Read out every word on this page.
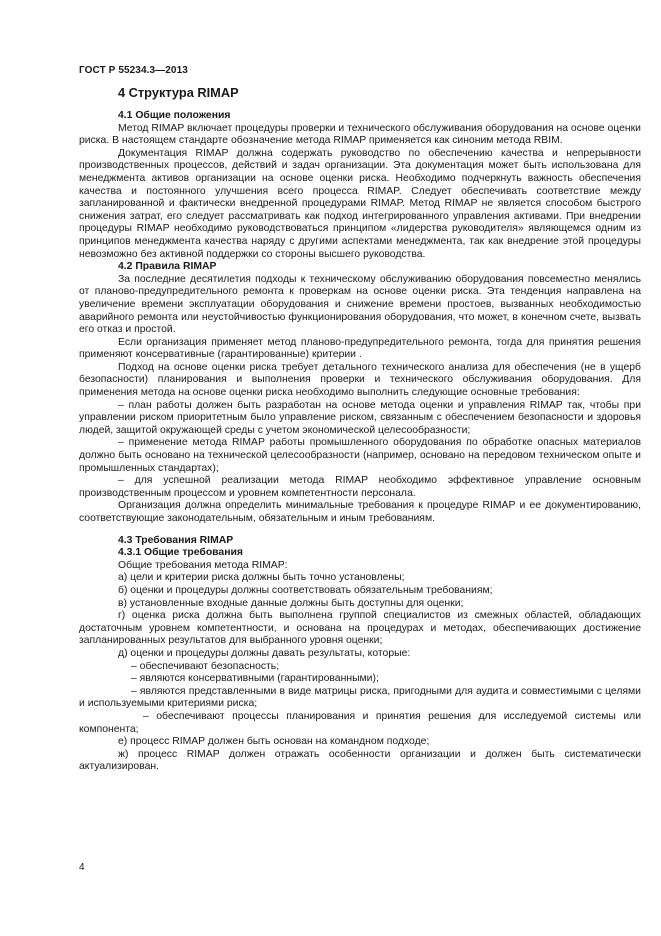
ГОСТ Р 55234.3—2013
4 Структура RIMAP
4.1 Общие положения

Метод RIMAP включает процедуры проверки и технического обслуживания оборудования на основе оценки риска. В настоящем стандарте обозначение метода RIMAP применяется как синоним метода RBIM.

Документация RIMAP должна содержать руководство по обеспечению качества и непрерывности производственных процессов, действий и задач организации. Эта документация может быть использована для менеджмента активов организации на основе оценки риска. Необходимо подчеркнуть важность обеспечения качества и постоянного улучшения всего процесса RIMAP. Следует обеспечивать соответствие между запланированной и фактически внедренной процедурами RIMAP. Метод RIMAP не является способом быстрого снижения затрат, его следует рассматривать как подход интегрированного управления активами. При внедрении процедуры RIMAP необходимо руководствоваться принципом «лидерства руководителя» являющемся одним из принципов менеджмента качества наряду с другими аспектами менеджмента, так как внедрение этой процедуры невозможно без активной поддержки со стороны высшего руководства.

4.2 Правила RIMAP

За последние десятилетия подходы к техническому обслуживанию оборудования повсеместно менялись от планово-предупредительного ремонта к проверкам на основе оценки риска. Эта тенденция направлена на увеличение времени эксплуатации оборудования и снижение времени простоев, вызванных необходимостью аварийного ремонта или неустойчивостью функционирования оборудования, что может, в конечном счете, вызвать его отказ и простой.

Если организация применяет метод планово-предупредительного ремонта, тогда для принятия решения применяют консервативные (гарантированные) критерии .

Подход на основе оценки риска требует детального технического анализа для обеспечения (не в ущерб безопасности) планирования и выполнения проверки и технического обслуживания оборудования. Для применения метода на основе оценки риска необходимо выполнить следующие основные требования:

– план работы должен быть разработан на основе метода оценки и управления RIMAP так, чтобы при управлении риском приоритетным было управление риском, связанным с обеспечением безопасности и здоровья людей, защитой окружающей среды с учетом экономической целесообразности;

– применение метода RIMAP работы промышленного оборудования по обработке опасных материалов должно быть основано на технической целесообразности (например, основано на передовом техническом опыте и промышленных стандартах);

– для успешной реализации метода RIMAP необходимо эффективное управление основным производственным процессом и уровнем компетентности персонала.

Организация должна определить минимальные требования к процедуре RIMAP и ее документированию, соответствующие законодательным, обязательным и иным требованиям.

4.3 Требования RIMAP
4.3.1 Общие требования

Общие требования метода RIMAP:

а) цели и критерии риска должны быть точно установлены;

б) оценки и процедуры должны соответствовать обязательным требованиям;

в) установленные входные данные должны быть доступны для оценки;

г) оценка риска должна быть выполнена группой специалистов из смежных областей, обладающих достаточным уровнем компетентности, и основана на процедурах и методах, обеспечивающих достижение запланированных результатов для выбранного уровня оценки;

д) оценки и процедуры должны давать результаты, которые:

– обеспечивают безопасность;

– являются консервативными (гарантированными);

– являются представленными в виде матрицы риска, пригодными для аудита и совместимыми с целями и используемыми критериями риска;

– обеспечивают процессы планирования и принятия решения для исследуемой системы или компонента;

е) процесс RIMAP должен быть основан на командном подходе;

ж) процесс RIMAP должен отражать особенности организации и должен быть систематически актуализирован.

4
